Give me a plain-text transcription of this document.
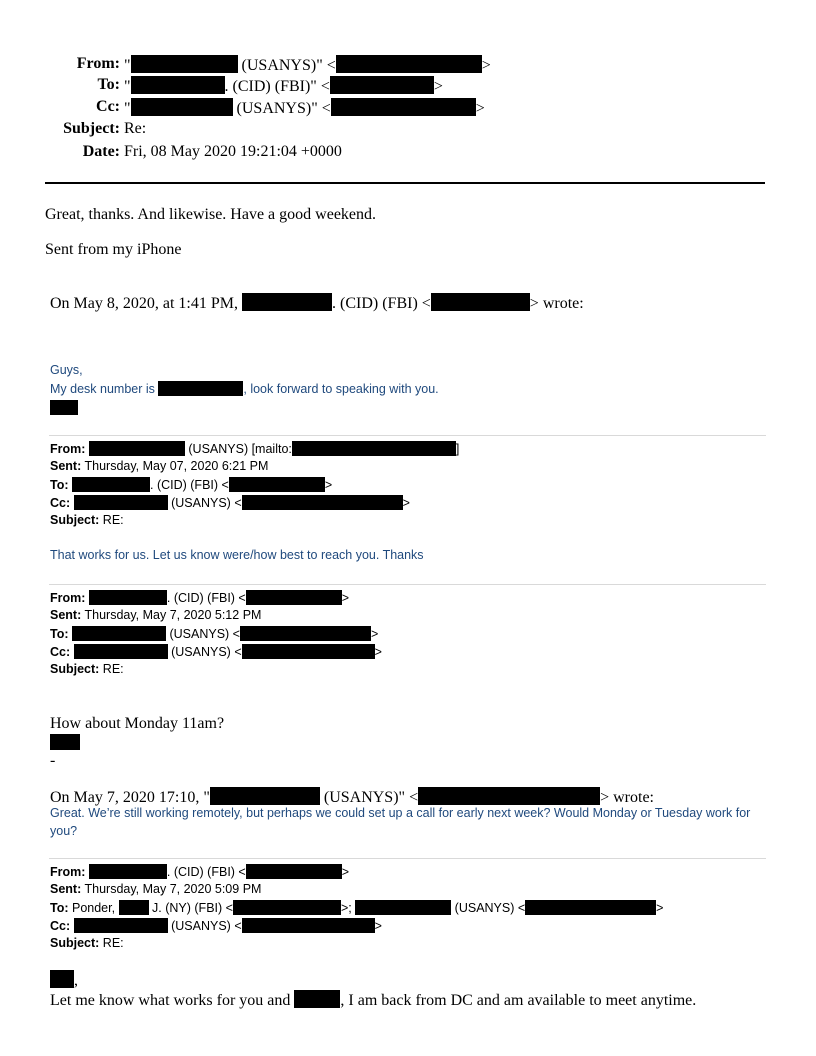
From: "	(USANYS)" <	>
To: "	. (CID) (FBI)" <	>
Cc: "	(USANYS)" <	>
Subject: Re:
Date: Fri, 08 May 2020 19:21:04 +0000
Great, thanks. And likewise. Have a good weekend.
Sent from my iPhone
On May 8, 2020, at 1:41 PM,	. (CID) (FBI) <	> wrote:
Guys,
My desk number is	, look forward to speaking with you.
From:	(USANYS) [mailto:	]
Sent: Thursday, May 07, 2020 6:21 PM
To:	. (CID) (FBI) <	>
Cc:	(USANYS) <	>
Subject: RE:
That works for us. Let us know were/how best to reach you. Thanks
From:	. (CID) (FBI) <	>
Sent: Thursday, May 7, 2020 5:12 PM
To:	(USANYS) <	>
Cc:	(USANYS) <	>
Subject: RE:
How about Monday 11am?
-
On May 7, 2020 17:10, "	(USANYS)" <	> wrote:
Great. We’re still working remotely, but perhaps we could set up a call for early next week? Would Monday or Tuesday work for you?
From:	. (CID) (FBI) <	>
Sent: Thursday, May 7, 2020 5:09 PM
To: Ponder,  J. (NY) (FBI) <	>;	(USANYS) <	>
Cc:	(USANYS) <	>
Subject: RE:
,
Let me know what works for you and	, I am back from DC and am available to meet anytime.
